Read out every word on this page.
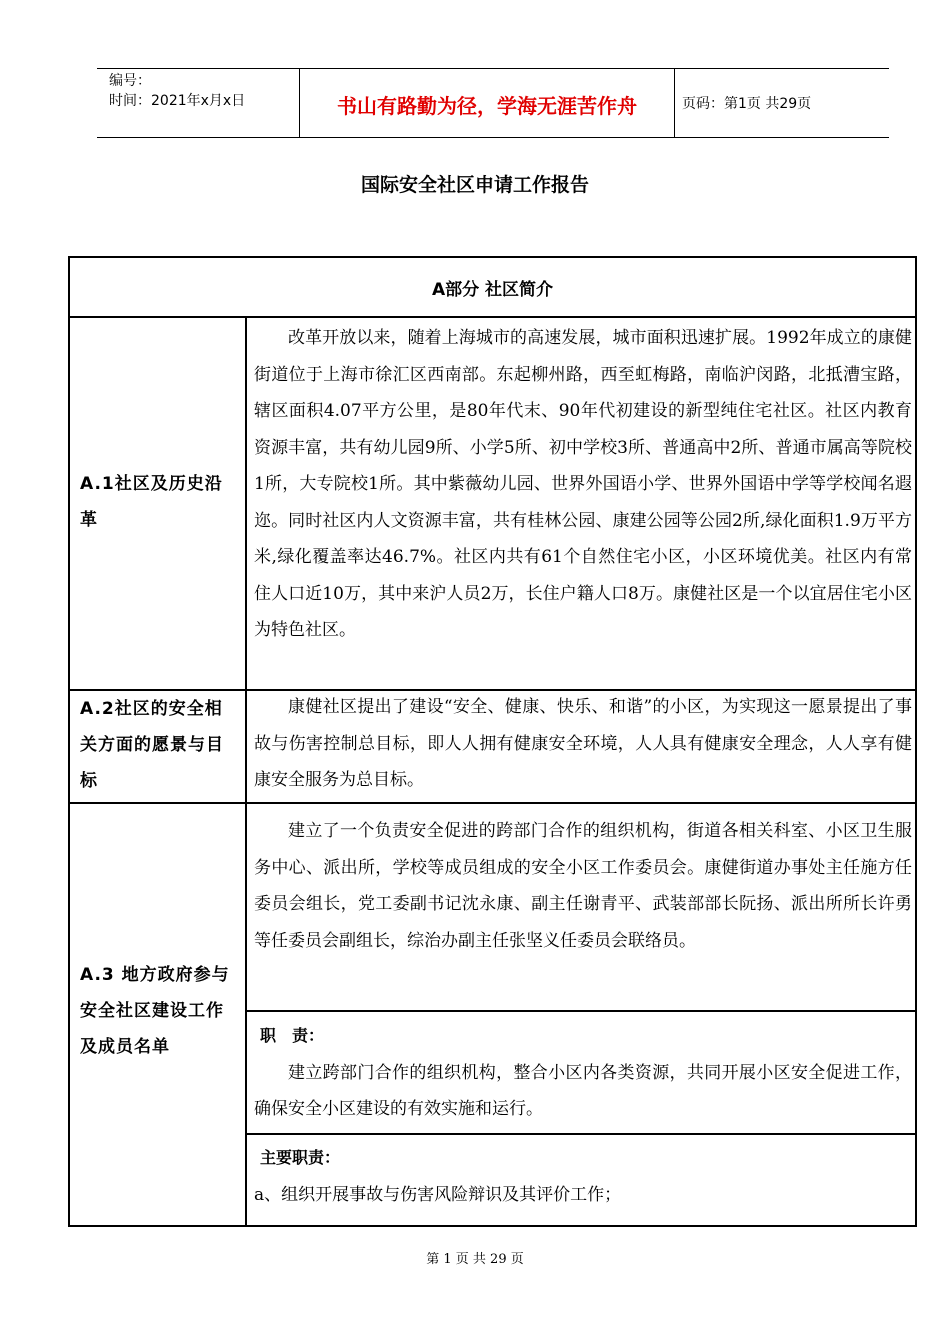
编号：
时间：2021年x月x日	书山有路勤为径，学海无涯苦作舟	页码：第1页 共29页
国际安全社区申请工作报告
A部分 社区简介
A.1社区及历史沿革

改革开放以来，随着上海城市的高速发展，城市面积迅速扩展。1992年成立的康健街道位于上海市徐汇区西南部。东起柳州路，西至虹梅路，南临沪闵路，北抵漕宝路，辖区面积4.07平方公里，是80年代末、90年代初建设的新型纯住宅社区。社区内教育资源丰富，共有幼儿园9所、小学5所、初中学校3所、普通高中2所、普通市属高等院校1所，大专院校1所。其中紫薇幼儿园、世界外国语小学、世界外国语中学等学校闻名遐迩。同时社区内人文资源丰富，共有桂林公园、康建公园等公园2所,绿化面积1.9万平方米,绿化覆盖率达46.7%。社区内共有61个自然住宅小区，小区环境优美。社区内有常住人口近10万，其中来沪人员2万，长住户籍人口8万。康健社区是一个以宜居住宅小区为特色社区。

A.2社区的安全相关方面的愿景与目标

康健社区提出了建设“安全、健康、快乐、和谐”的小区，为实现这一愿景提出了事故与伤害控制总目标，即人人拥有健康安全环境，人人具有健康安全理念，人人享有健康安全服务为总目标。

A.3 地方政府参与安全社区建设工作及成员名单

建立了一个负责安全促进的跨部门合作的组织机构，街道各相关科室、小区卫生服务中心、派出所，学校等成员组成的安全小区工作委员会。康健街道办事处主任施方任委员会组长，党工委副书记沈永康、副主任谢青平、武装部部长阮扬、派出所所长许勇等任委员会副组长，综治办副主任张坚义任委员会联络员。

职　责：

建立跨部门合作的组织机构，整合小区内各类资源，共同开展小区安全促进工作，确保安全小区建设的有效实施和运行。

主要职责：

a、组织开展事故与伤害风险辩识及其评价工作；

第 1 页 共 29 页
